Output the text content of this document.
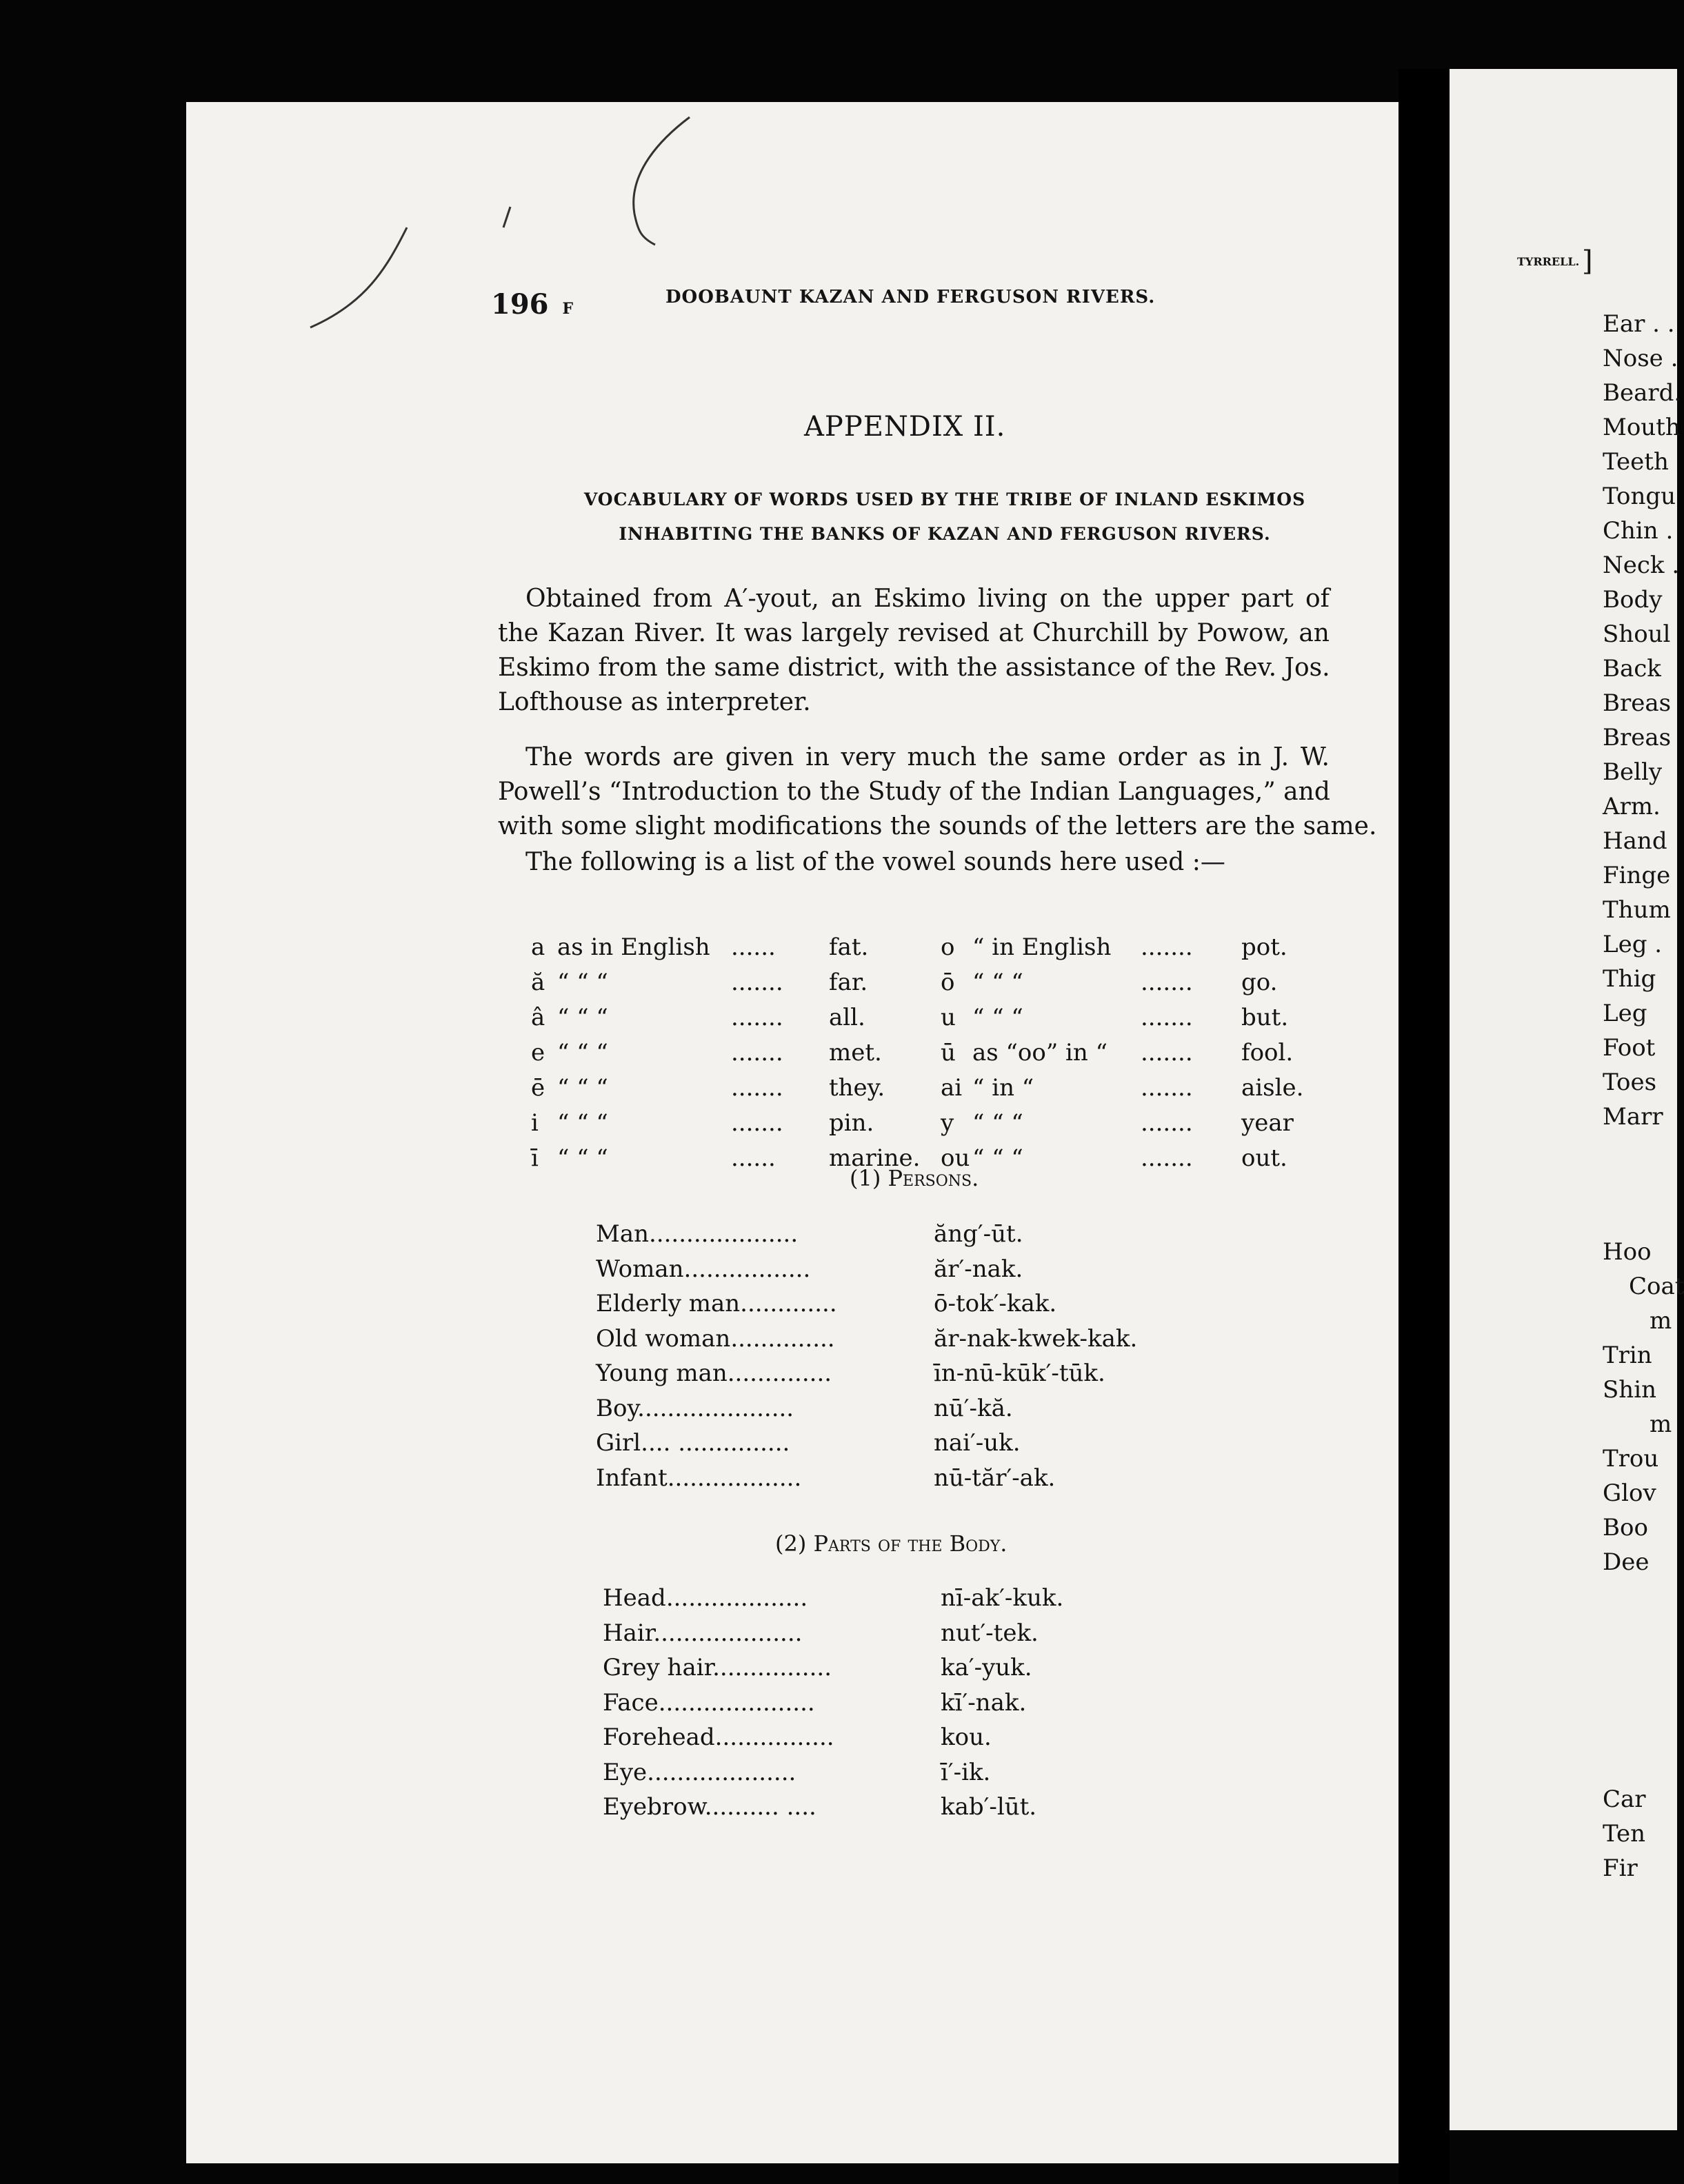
196 F
DOOBAUNT KAZAN AND FERGUSON RIVERS.
APPENDIX II.
VOCABULARY OF WORDS USED BY THE TRIBE OF INLAND ESKIMOS
INHABITING THE BANKS OF KAZAN AND FERGUSON RIVERS.
Obtained from A′-yout, an Eskimo living on the upper part of
the Kazan River. It was largely revised at Churchill by Powow, an
Eskimo from the same district, with the assistance of the Rev. Jos.
Lofthouse as interpreter.
The words are given in very much the same order as in J. W.
Powell’s “Introduction to the Study of the Indian Languages,” and
with some slight modifications the sounds of the letters are the same.
The following is a list of the vowel sounds here used :—
a as in English ...... fat.	o “ in English ....... pot.
ă “ “ “	....... far.	ō “ “ “	....... go.
â “ “ “	....... all.	u “ “ “	....... but.
e “ “ “	....... met.	ū as “oo” in “ ....... fool.
ē “ “ “	....... they. ai “ in “	....... aisle.
i “ “ “	....... pin.	y “ “ “	....... year
ī “ “ “	...... marine. ou “ “ “	....... out.
(1) Persons.
Man....................	ăng′-ūt.
Woman.................	ăr′-nak.
Elderly man.............	ō-tok′-kak.
Old woman..............	ăr-nak-kwek-kak.
Young man..............	īn-nū-kūk′-tūk.
Boy.....................	nū′-kă.
Girl.... ...............	nai′-uk.
Infant..................	nū-tăr′-ak.
(2) Parts of the Body.
Head...................	nī-ak′-kuk.
Hair....................	nut′-tek.
Grey hair................	ka′-yuk.
Face.....................	kī′-nak.
Forehead................	kou.
Eye....................	ī′-ik.
Eyebrow.......... ....	kab′-lūt.
TYRRELL. ]
Ear . .
Nose .
Beard.
Mouth
Teeth
Tongu
Chin .
Neck .
Body
Shoul
Back
Breas
Breas
Belly
Arm.
Hand
Finge
Thum
Leg .
Thig
Leg
Foot
Toes
Marr
Hoo
Coat
m
Trin
Shin
m
Trou
Glov
Boo
Dee
Car
Ten
Fir
